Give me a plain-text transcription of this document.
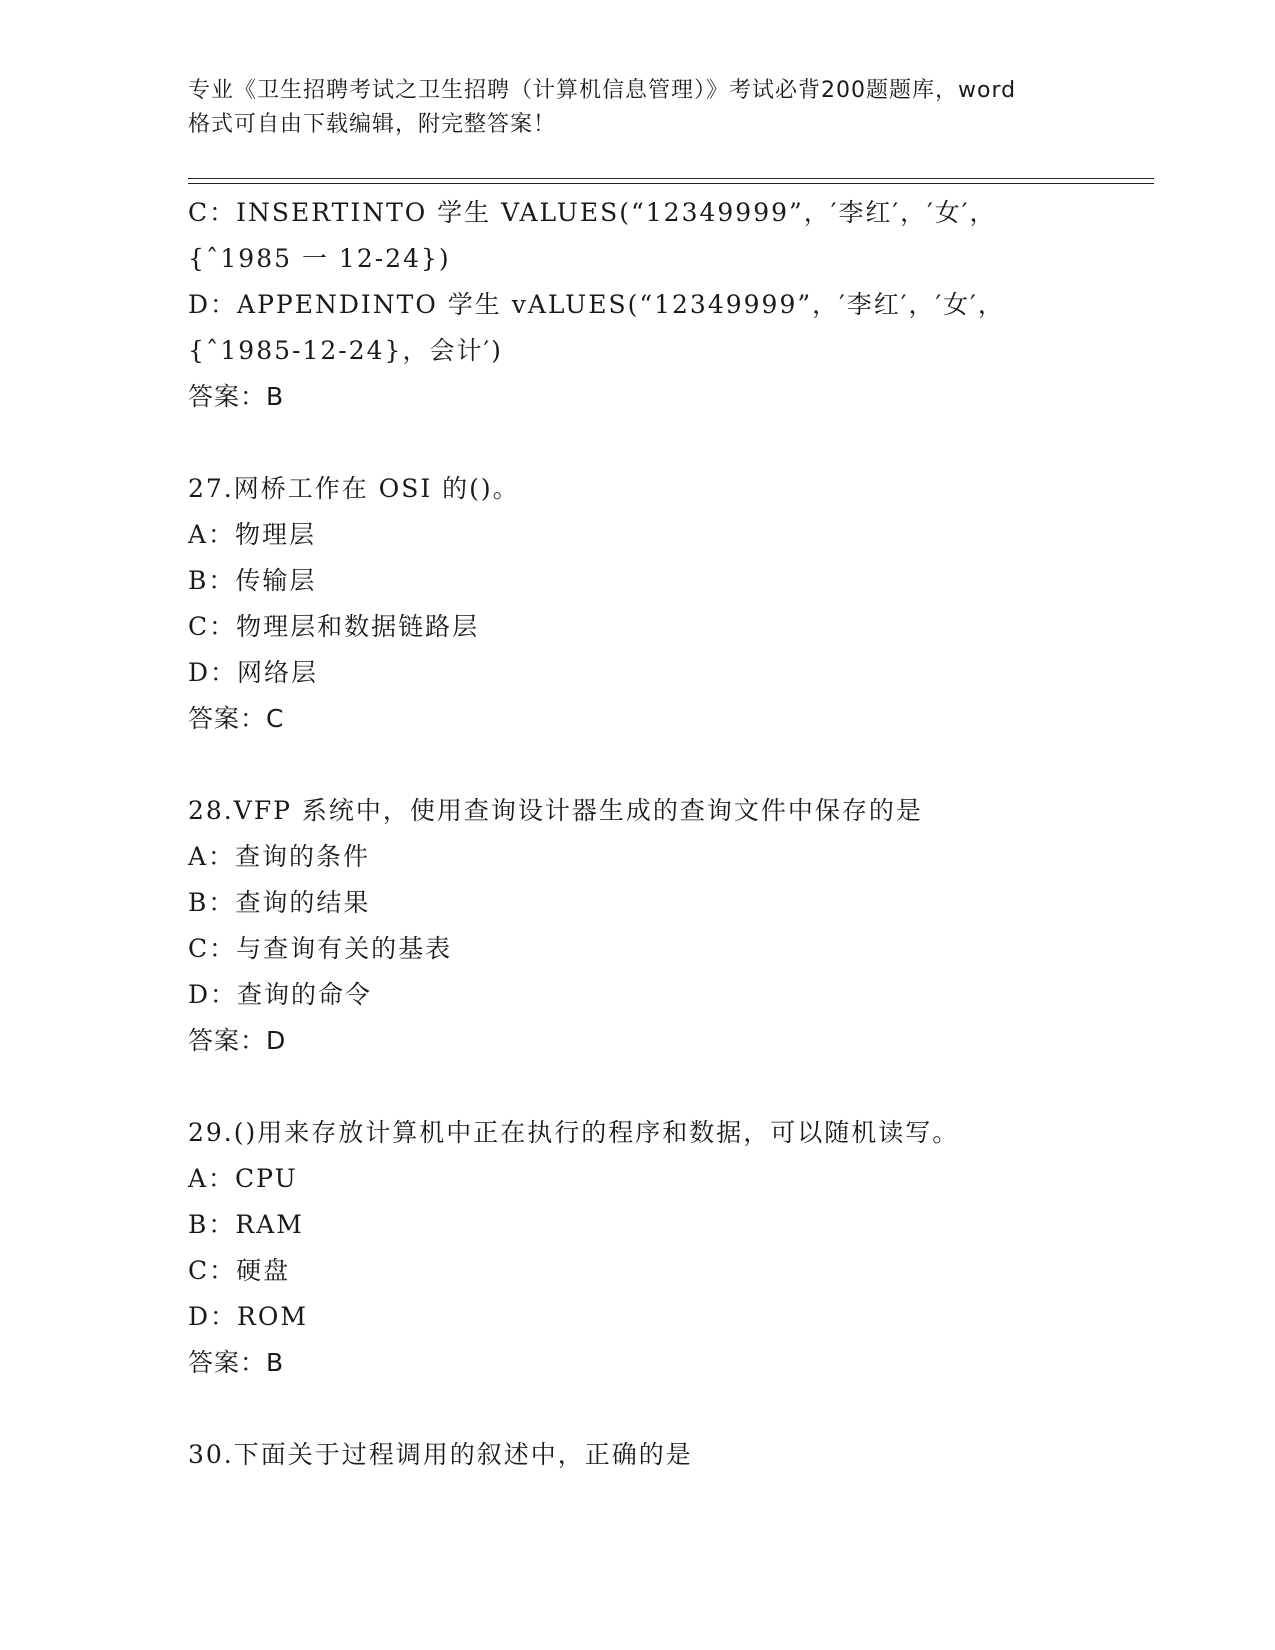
专业《卫生招聘考试之卫生招聘（计算机信息管理）》考试必背200题题库，word
格式可自由下载编辑，附完整答案！
C：INSERTINTO 学生 VALUES(“12349999”，′李红′，′女′，
{ˆ1985 一 12-24})
D：APPENDINTO 学生 vALUES(“12349999”，′李红′，′女′，
{ˆ1985-12-24}，会计′)
答案：B
27.网桥工作在 OSI 的()。
A：物理层
B：传输层
C：物理层和数据链路层
D：网络层
答案：C
28.VFP 系统中，使用查询设计器生成的查询文件中保存的是
A：查询的条件
B：查询的结果
C：与查询有关的基表
D：查询的命令
答案：D
29.()用来存放计算机中正在执行的程序和数据，可以随机读写。
A：CPU
B：RAM
C：硬盘
D：ROM
答案：B
30.下面关于过程调用的叙述中，正确的是
